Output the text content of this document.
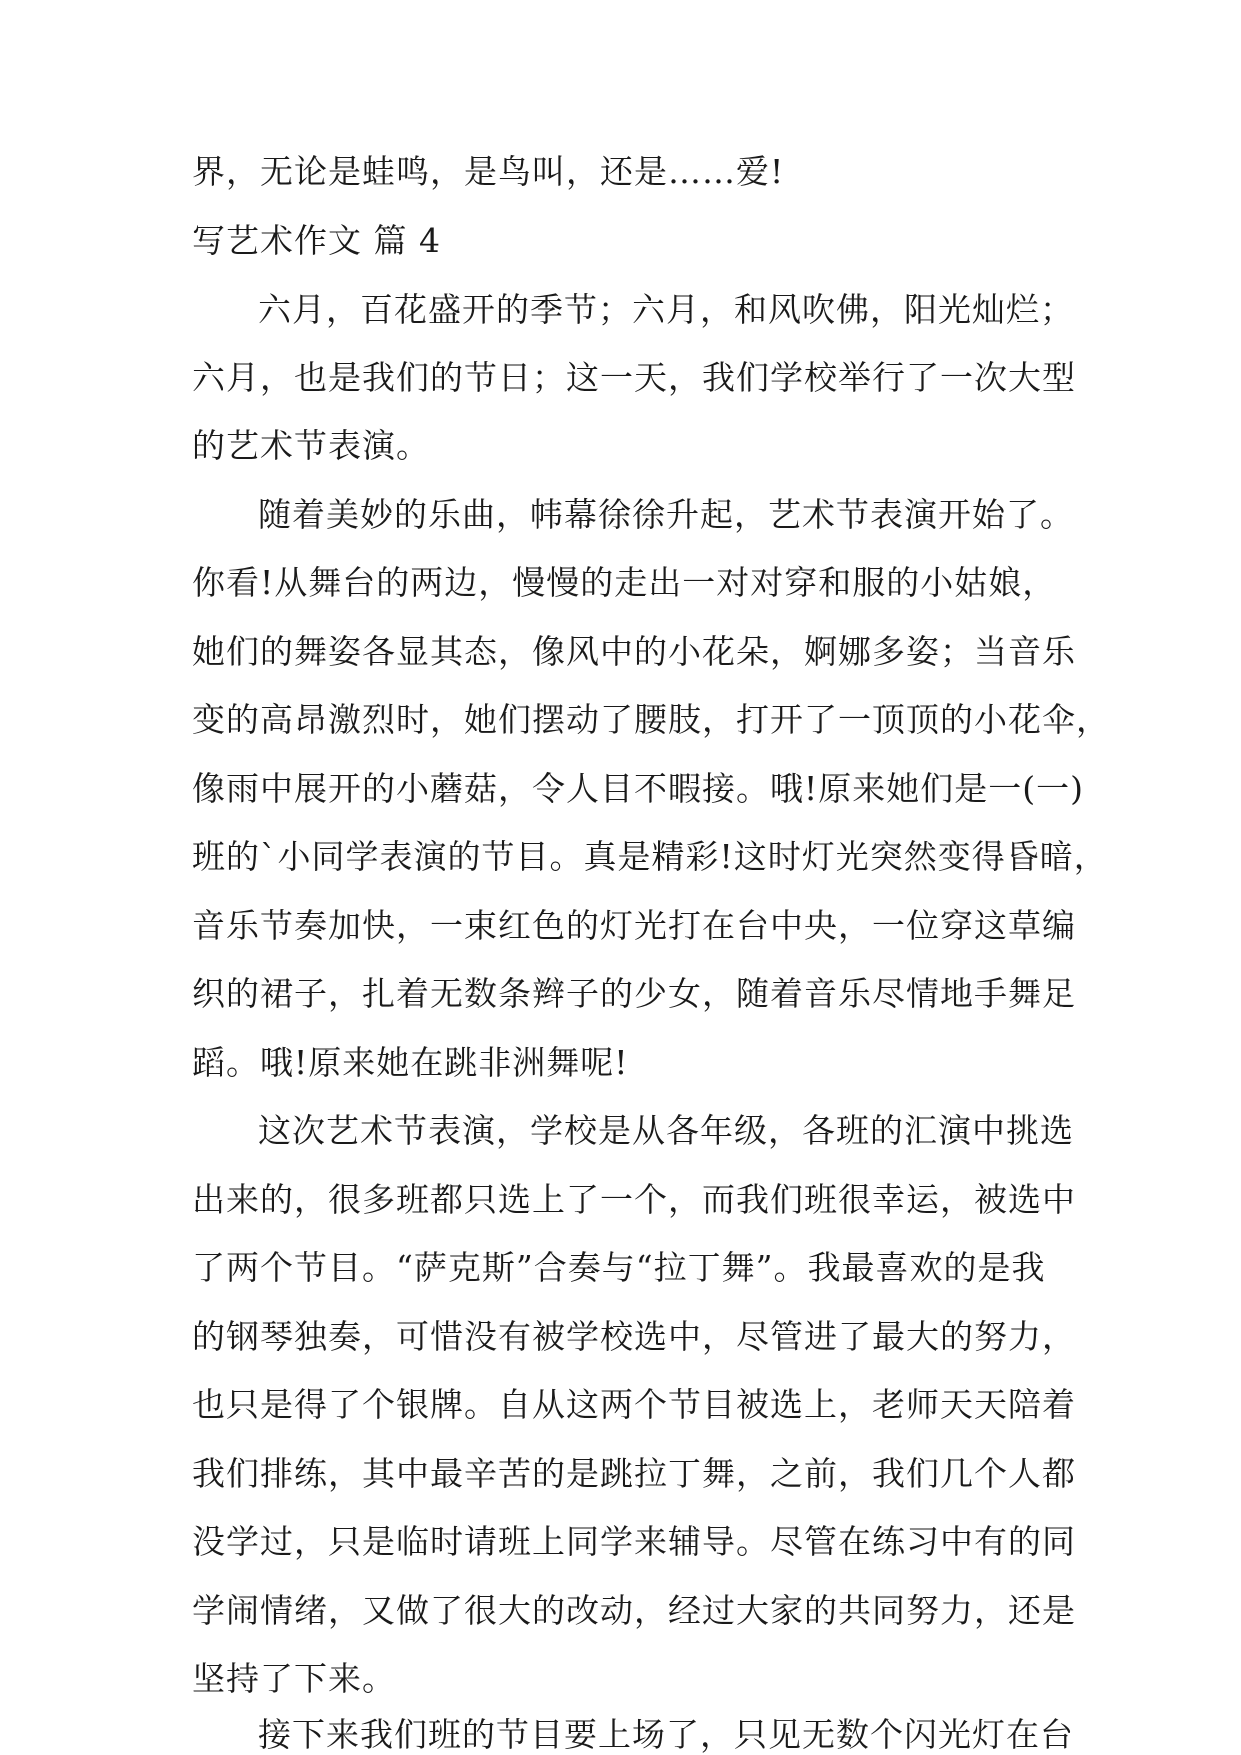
界，无论是蛙鸣，是鸟叫，还是……爱!
写艺术作文 篇 4
六月，百花盛开的季节；六月，和风吹佛，阳光灿烂；
六月，也是我们的节日；这一天，我们学校举行了一次大型
的艺术节表演。
随着美妙的乐曲，帏幕徐徐升起，艺术节表演开始了。
你看!从舞台的两边，慢慢的走出一对对穿和服的小姑娘，
她们的舞姿各显其态，像风中的小花朵，婀娜多姿；当音乐
变的高昂激烈时，她们摆动了腰肢，打开了一顶顶的小花伞，
像雨中展开的小蘑菇，令人目不暇接。哦!原来她们是一(一)
班的`小同学表演的节目。真是精彩!这时灯光突然变得昏暗，
音乐节奏加快，一束红色的灯光打在台中央，一位穿这草编
织的裙子，扎着无数条辫子的少女，随着音乐尽情地手舞足
蹈。哦!原来她在跳非洲舞呢!
这次艺术节表演，学校是从各年级，各班的汇演中挑选
出来的，很多班都只选上了一个，而我们班很幸运，被选中
了两个节目。“萨克斯”合奏与“拉丁舞”。我最喜欢的是我
的钢琴独奏，可惜没有被学校选中，尽管进了最大的努力，
也只是得了个银牌。自从这两个节目被选上，老师天天陪着
我们排练，其中最辛苦的是跳拉丁舞，之前，我们几个人都
没学过，只是临时请班上同学来辅导。尽管在练习中有的同
学闹情绪，又做了很大的改动，经过大家的共同努力，还是
坚持了下来。
接下来我们班的节目要上场了，只见无数个闪光灯在台
